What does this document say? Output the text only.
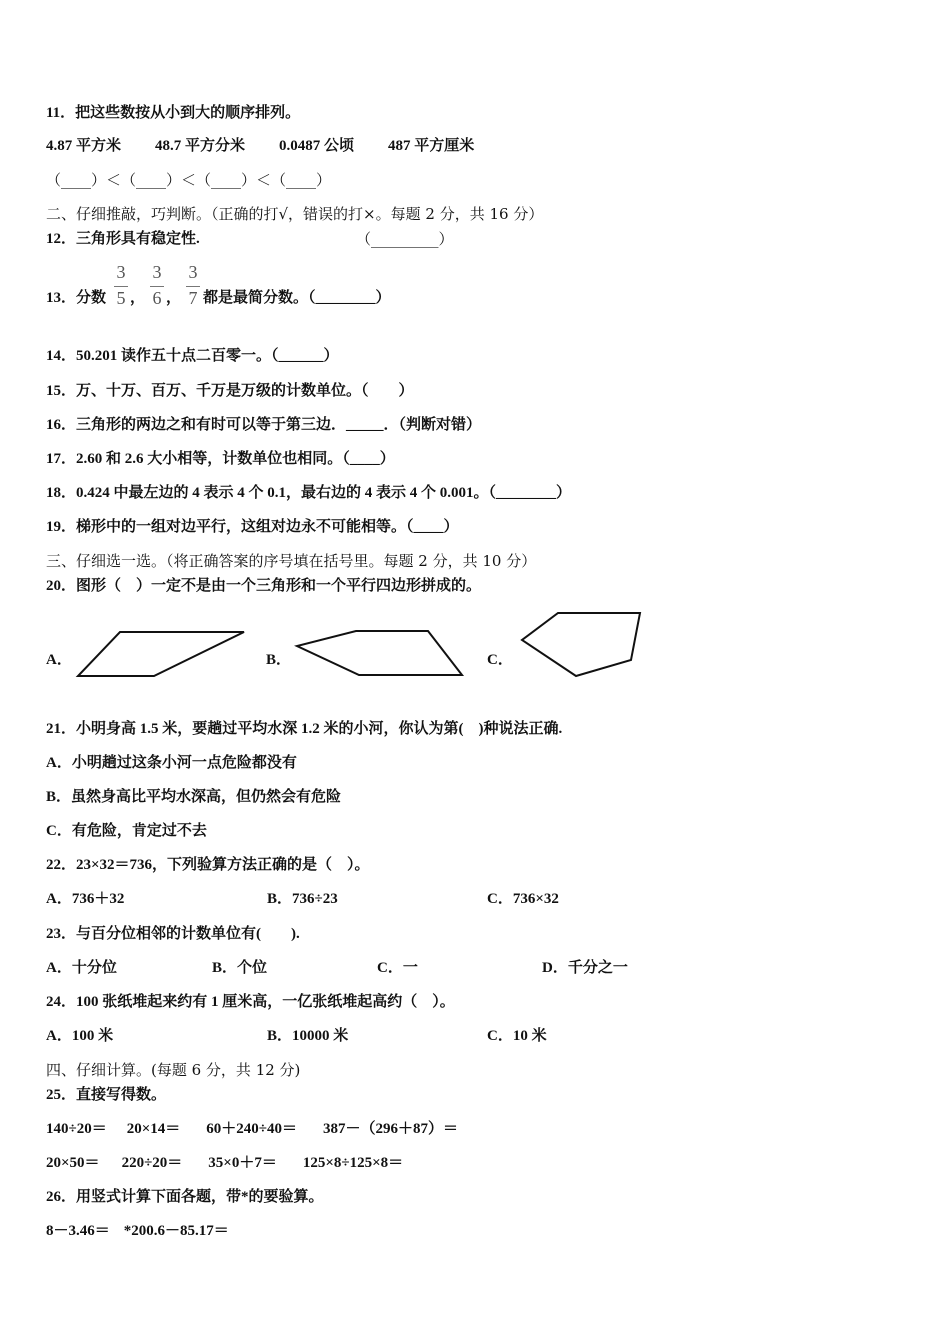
11．把这些数按从小到大的顺序排列。
4.87 平方米 48.7 平方分米 0.0487 公顷 487 平方厘米
（____）＜（____）＜（____）＜（____）
二、仔细推敲，巧判断。（正确的打√，错误的打×。每题 2 分，共 16 分）
12．三角形具有稳定性.	（_________）
13．分数
3
5 ，
3
6 ，
3
7 都是最简分数。（________）
14．50.201 读作五十点二百零一。（______）
15．万、十万、百万、千万是万级的计数单位。（　　）
16．三角形的两边之和有时可以等于第三边．_____．（判断对错）
17．2.60 和 2.6 大小相等，计数单位也相同。（____）
18．0.424 中最左边的 4 表示 4 个 0.1，最右边的 4 表示 4 个 0.001。（________）
19．梯形中的一组对边平行，这组对边永不可能相等。（____）
三、仔细选一选。（将正确答案的序号填在括号里。每题 2 分，共 10 分）
20．图形（　）一定不是由一个三角形和一个平行四边形拼成的。
A．	B．	C．
21．小明身高 1.5 米，要趟过平均水深 1.2 米的小河，你认为第(　)种说法正确.
A．小明趟过这条小河一点危险都没有
B．虽然身高比平均水深高，但仍然会有危险
C．有危险，肯定过不去
22．23×32＝736，下列验算方法正确的是（　）。
A．736＋32	B．736÷23	C．736×32
23．与百分位相邻的计数单位有(　　).
A．十分位	B．个位	C．一	D．千分之一
24．100 张纸堆起来约有 1 厘米高，一亿张纸堆起高约（　）。
A．100 米	B．10000 米	C．10 米
四、仔细计算。(每题 6 分，共 12 分)
25．直接写得数。
140÷20＝ 20×14＝ 60＋240÷40＝ 387－（296＋87）＝
20×50＝ 220÷20＝ 35×0＋7＝ 125×8÷125×8＝
26．用竖式计算下面各题，带*的要验算。
8－3.46＝ *200.6－85.17＝
